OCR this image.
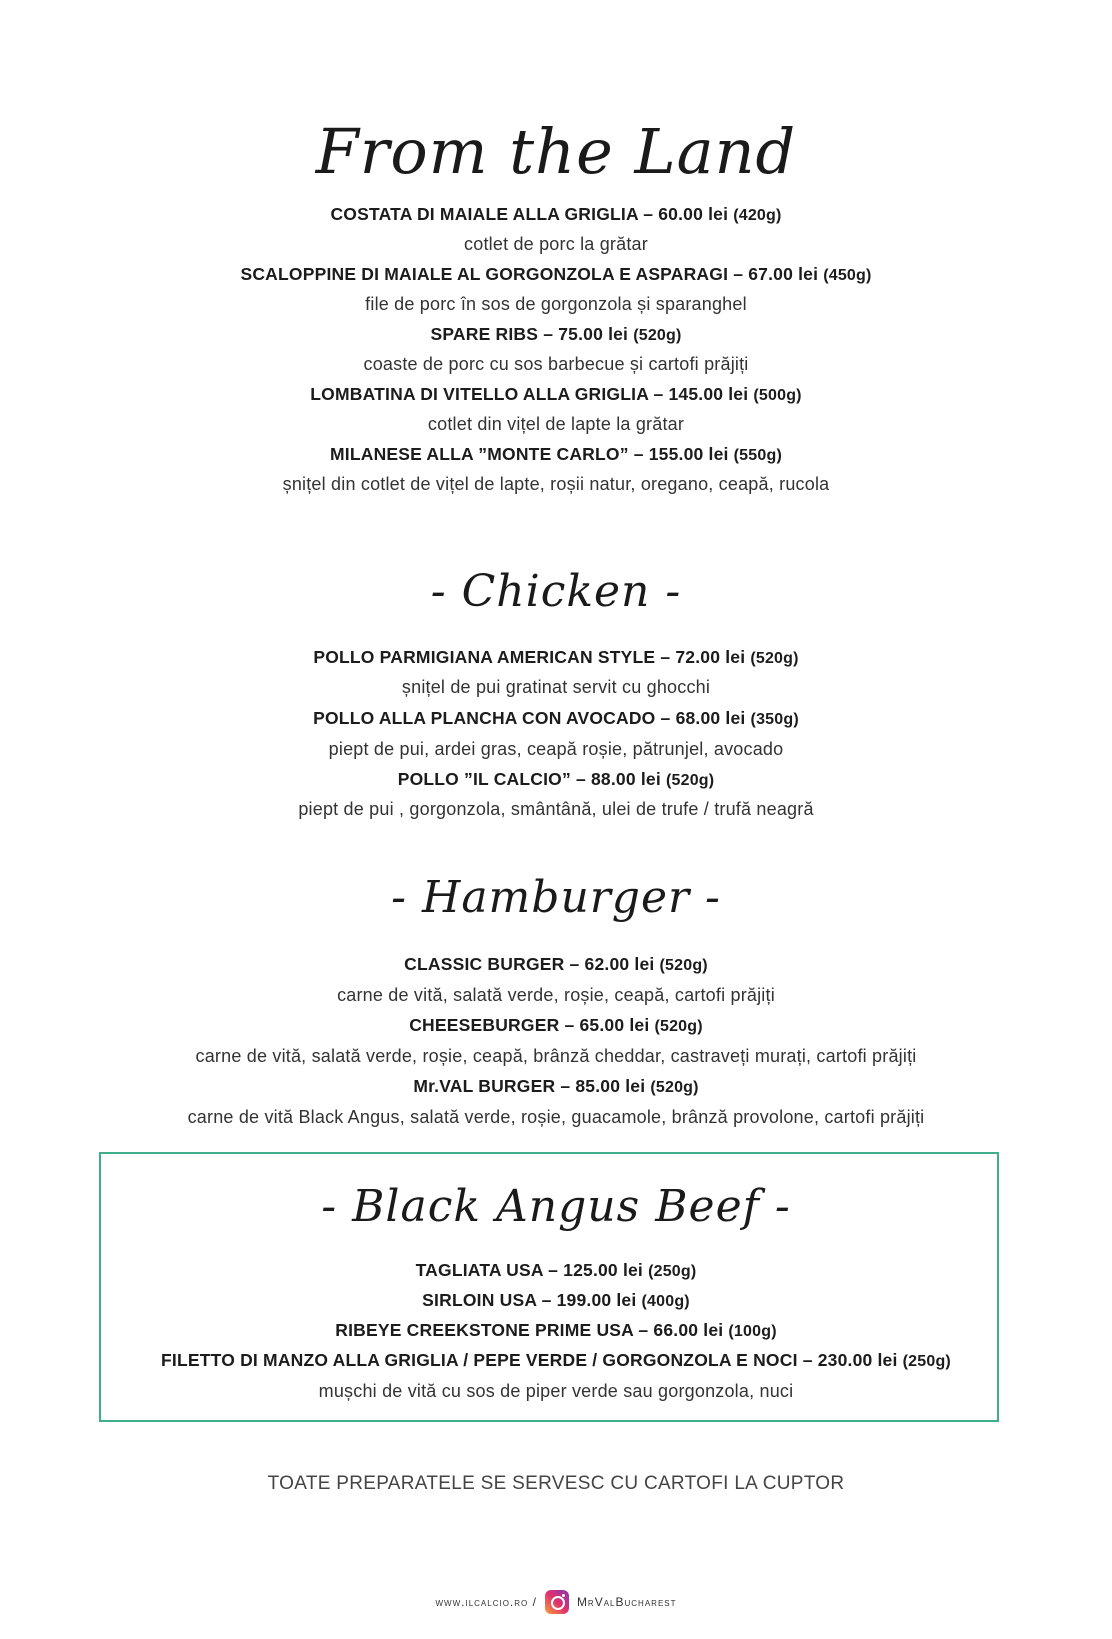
From the Land
COSTATA DI MAIALE ALLA GRIGLIA – 60.00 lei (420g)
cotlet de porc la grătar
SCALOPPINE DI MAIALE AL GORGONZOLA E ASPARAGI – 67.00 lei (450g)
file de porc în sos de gorgonzola și sparanghel
SPARE RIBS – 75.00 lei (520g)
coaste de porc cu sos barbecue și cartofi prăjiți
LOMBATINA DI VITELLO ALLA GRIGLIA – 145.00 lei (500g)
cotlet din vițel de lapte la grătar
MILANESE ALLA ”MONTE CARLO” – 155.00 lei (550g)
șnițel din cotlet de vițel de lapte, roșii natur, oregano, ceapă, rucola
- Chicken -
POLLO PARMIGIANA AMERICAN STYLE – 72.00 lei (520g)
șnițel de pui gratinat servit cu ghocchi
POLLO ALLA PLANCHA CON AVOCADO – 68.00 lei (350g)
piept de pui, ardei gras, ceapă roșie, pătrunjel, avocado
POLLO ”IL CALCIO” – 88.00 lei (520g)
piept de pui , gorgonzola, smântână, ulei de trufe / trufă neagră
- Hamburger -
CLASSIC BURGER – 62.00 lei (520g)
carne de vită, salată verde, roșie, ceapă, cartofi prăjiți
CHEESEBURGER – 65.00 lei (520g)
carne de vită, salată verde, roșie, ceapă, brânză cheddar, castraveți murați, cartofi prăjiți
Mr.VAL BURGER – 85.00 lei (520g)
carne de vită Black Angus, salată verde, roșie, guacamole, brânză provolone, cartofi prăjiți
- Black Angus Beef -
TAGLIATA USA – 125.00 lei (250g)
SIRLOIN USA – 199.00 lei (400g)
RIBEYE CREEKSTONE PRIME USA – 66.00 lei (100g)
FILETTO DI MANZO ALLA GRIGLIA / PEPE VERDE / GORGONZOLA E NOCI – 230.00 lei (250g)
mușchi de vită cu sos de piper verde sau gorgonzola, nuci
TOATE PREPARATELE SE SERVESC CU CARTOFI LA CUPTOR
www.ilcalcio.ro /	MrValBucharest
